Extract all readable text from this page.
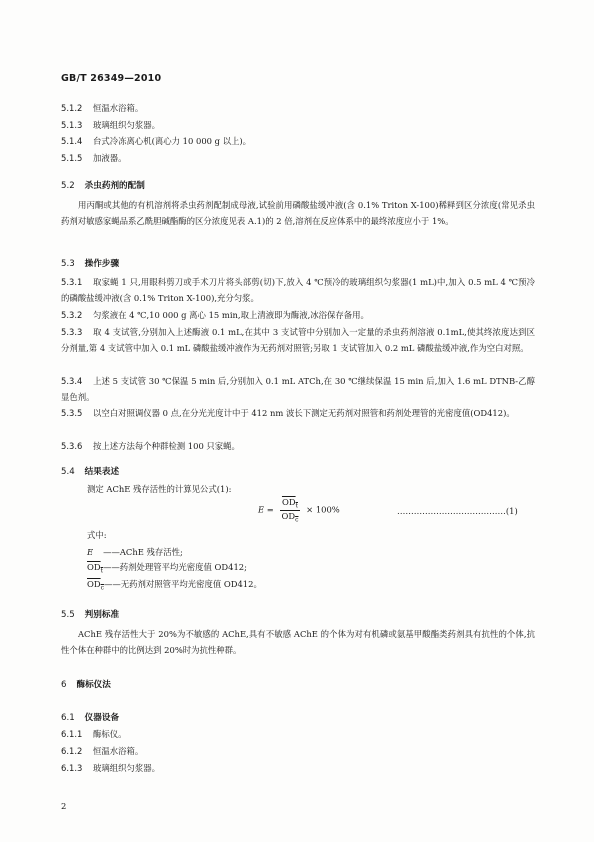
GB/T 26349—2010
5.1.2 恒温水浴箱。
5.1.3 玻璃组织匀浆器。
5.1.4 台式冷冻离心机(离心力 10 000 g 以上)。
5.1.5 加液器。
5.2 杀虫药剂的配制
用丙酮或其他的有机溶剂将杀虫药剂配制成母液,试验前用磷酸盐缓冲液(含 0.1% Triton X-100)稀释到区分浓度(常见杀虫药剂对敏感家蝇品系乙酰胆碱酯酶的区分浓度见表 A.1)的 2 倍,溶剂在反应体系中的最终浓度应小于 1%。
5.3 操作步骤
5.3.1 取家蝇 1 只,用眼科剪刀或手术刀片将头部剪(切)下,放入 4 ℃预冷的玻璃组织匀浆器(1 mL)中,加入 0.5 mL 4 ℃预冷的磷酸盐缓冲液(含 0.1% Triton X-100),充分匀浆。
5.3.2 匀浆液在 4 ℃,10 000 g 离心 15 min,取上清液即为酶液,冰浴保存备用。
5.3.3 取 4 支试管,分别加入上述酶液 0.1 mL,在其中 3 支试管中分别加入一定量的杀虫药剂溶液 0.1mL,使其终浓度达到区分剂量,第 4 支试管中加入 0.1 mL 磷酸盐缓冲液作为无药剂对照管;另取 1 支试管加入 0.2 mL 磷酸盐缓冲液,作为空白对照。
5.3.4 上述 5 支试管 30 ℃保温 5 min 后,分别加入 0.1 mL ATCh,在 30 ℃继续保温 15 min 后,加入 1.6 mL DTNB-乙醇显色剂。
5.3.5 以空白对照调仪器 0 点,在分光光度计中于 412 nm 波长下测定无药剂对照管和药剂处理管的光密度值(OD412)。
5.3.6 按上述方法每个种群检测 100 只家蝇。
5.4 结果表述
测定 AChE 残存活性的计算见公式(1):
$E = \frac{OD_t}{OD_c} \times 100\%$	…………………………………(1)
式中:
E ——AChE 残存活性;
$OD_t——$药剂处理管平均光密度值 OD412;
$OD_c——$无药剂对照管平均光密度值 OD412。
5.5 判别标准
AChE 残存活性大于 20%为不敏感的 AChE,具有不敏感 AChE 的个体为对有机磷或氨基甲酸酯类药剂具有抗性的个体,抗性个体在种群中的比例达到 20%时为抗性种群。
6 酶标仪法
6.1 仪器设备
6.1.1 酶标仪。
6.1.2 恒温水浴箱。
6.1.3 玻璃组织匀浆器。
2
